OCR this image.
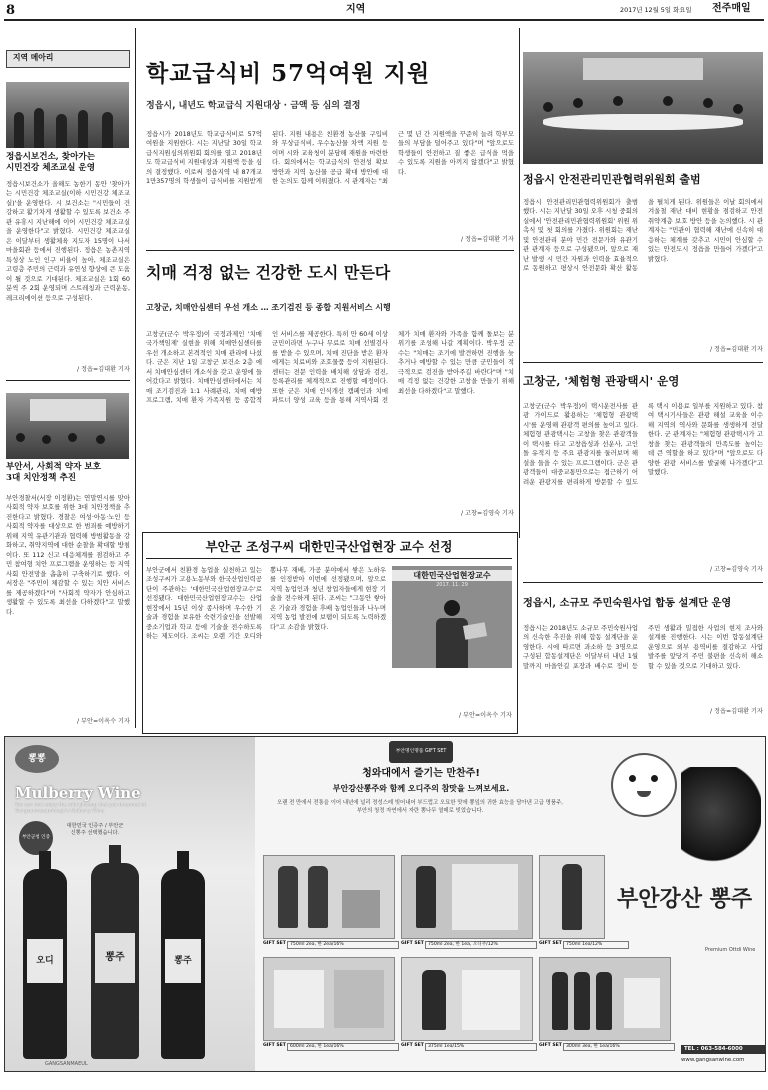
8	지역	2017년 12월 5일 화요일 전주매일
지역 메아리
정읍시보건소, 찾아가는
시민건강 체조교실 운영
정읍시보건소가 올해도 농한기 동안 '찾아가는 시민건강 체조교실(이하 시민건강 체조교실)'을 운영한다. 시 보건소는 "시민들이 건강하고 활기차게 생활할 수 있도록 보건소 주관 유휴시 지난해에 이어 시민건강 체조교실을 운영한다"고 밝혔다. 시민건강 체조교실은 이달부터 생활체육 지도자 15명이 나서 마을회관 등에서 진행된다. 정읍은 농촌지역 특성상 노인 인구 비율이 높아, 체조교실은 고령층 주민의 근력과 유연성 향상에 큰 도움이 될 것으로 기대된다. 체조교실은 1회 60분씩 주 2회 운영되며 스트레칭과 근력운동, 레크리에이션 등으로 구성된다.
/ 정읍=김대환 기자
부안서, 사회적 약자 보호
3대 치안정책 추진
부안경찰서(서장 이정환)는 연말연시를 맞아 사회적 약자 보호를 위한 3대 치안정책을 추진한다고 밝혔다. 경찰은 여성·아동·노인 등 사회적 약자를 대상으로 한 범죄를 예방하기 위해 지역 유관기관과 협력해 방범활동을 강화하고, 취약지역에 대한 순찰을 확대할 방침이다. 또 112 신고 대응체계를 점검하고 주민 참여형 치안 프로그램을 운영하는 등 지역사회 안전망을 촘촘히 구축하기로 했다. 이 서장은 "주민이 체감할 수 있는 치안 서비스를 제공하겠다"며 "사회적 약자가 안심하고 생활할 수 있도록 최선을 다하겠다"고 말했다.
/ 부안=이옥수 기자
학교급식비 57억여원 지원
정읍시, 내년도 학교급식 지원대상 · 금액 등 심의 결정
정읍시가 2018년도 학교급식비로 57억여원을 지원한다. 시는 지난달 30일 학교급식지원심의위원회 회의를 열고 2018년도 학교급식비 지원대상과 지원액 등을 심의 결정했다. 이로써 정읍지역 내 87개교 1만357명의 학생들이 급식비를 지원받게 된다. 지원 내용은 친환경 농산물 구입비와 무상급식비, 우수농산물 차액 지원 등이며 시와 교육청이 분담해 재원을 마련한다. 회의에서는 학교급식의 안전성 확보 방안과 지역 농산물 공급 확대 방안에 대한 논의도 함께 이뤄졌다. 시 관계자는 "최근 몇 년 간 지원액을 꾸준히 늘려 학부모들의 부담을 덜어주고 있다"며 "앞으로도 학생들이 안전하고 질 좋은 급식을 먹을 수 있도록 지원을 아끼지 않겠다"고 밝혔다.
/ 정읍=김대환 기자
치매 걱정 없는 건강한 도시 만든다
고창군, 치매안심센터 우선 개소 … 조기검진 등 종합 지원서비스 시행
고창군(군수 박우정)이 국정과제인 '치매국가책임제' 실현을 위해 치매안심센터를 우선 개소하고 본격적인 치매 관리에 나섰다. 군은 지난 1일 고창군 보건소 2층 에서 치매안심센터 개소식을 갖고 운영에 들어갔다고 밝혔다. 치매안심센터에서는 치매 조기검진과 1:1 사례관리, 치매 예방 프로그램, 치매 환자 가족지원 등 종합적인 서비스를 제공한다. 특히 만 60세 이상 군민이라면 누구나 무료로 치매 선별검사를 받을 수 있으며, 치매 진단을 받은 환자에게는 치료비와 조호물품 등이 지원된다. 센터는 전문 인력을 배치해 상담과 검진, 등록관리를 체계적으로 진행할 예정이다. 또한 군은 치매 인식개선 캠페인과 치매 파트너 양성 교육 등을 통해 지역사회 전체가 치매 환자와 가족을 함께 돌보는 분위기를 조성해 나갈 계획이다. 박우정 군수는 "치매는 조기에 발견하면 진행을 늦추거나 예방할 수 있는 만큼 군민들이 적극적으로 검진을 받아주길 바란다"며 "치매 걱정 없는 건강한 고창을 만들기 위해 최선을 다하겠다"고 말했다.
/ 고창=김영숙 기자
정읍시 안전관리민관협력위원회 출범
정읍시 안전관리민관협력위원회가 출범했다. 시는 지난달 30일 오후 시청 중회의실에서 '안전관리민관협력위원회' 위원 위촉식 및 첫 회의를 가졌다. 위원회는 재난 및 안전관리 분야 민간 전문가와 유관기관 관계자 등으로 구성됐으며, 앞으로 재난 발생 시 민간 자원과 인력을 효율적으로 동원하고 평상시 안전문화 확산 활동을 펼치게 된다. 위원들은 이날 회의에서 겨울철 재난 대비 현황을 점검하고 안전취약계층 보호 방안 등을 논의했다. 시 관계자는 "민관이 협력해 재난에 신속히 대응하는 체계를 갖추고 시민이 안심할 수 있는 안전도시 정읍을 만들어 가겠다"고 밝혔다.
/ 정읍=김대환 기자
고창군, '체험형 관광택시' 운영
고창군(군수 박우정)이 택시운전사를 관광 가이드로 활용하는 '체험형 관광택시'를 운영해 관광객 편의를 높이고 있다. 체험형 관광택시는 고창을 찾은 관광객들이 택시를 타고 고창읍성과 선운사, 고인돌 유적지 등 주요 관광지를 둘러보며 해설을 들을 수 있는 프로그램이다. 군은 관광객들이 대중교통만으로는 접근하기 어려운 관광지를 편리하게 방문할 수 있도록 택시 이용료 일부를 지원하고 있다. 참여 택시기사들은 관광 해설 교육을 이수해 지역의 역사와 문화를 생생하게 전달한다. 군 관계자는 "체험형 관광택시가 고창을 찾는 관광객들의 만족도를 높이는 데 큰 역할을 하고 있다"며 "앞으로도 다양한 관광 서비스를 발굴해 나가겠다"고 말했다.
/ 고창=김영숙 기자
정읍시, 소규모 주민숙원사업 합동 설계단 운영
정읍시는 2018년도 소규모 주민숙원사업의 신속한 추진을 위해 합동 설계단을 운영한다. 시에 따르면 과소하 등 3명으로 구성된 합동설계단은 이달부터 내년 1월 말까지 마을안길 포장과 배수로 정비 등 주민 생활과 밀접한 사업의 현지 조사와 설계를 진행한다. 시는 이번 합동설계단 운영으로 외부 용역비를 절감하고 사업 발주를 앞당겨 주민 불편을 신속히 해소할 수 있을 것으로 기대하고 있다.
/ 정읍=김대환 기자
부안군 조성구씨 대한민국산업현장 교수 선정
부안군에서 친환경 농업을 실천하고 있는 조성구씨가 고용노동부와 한국산업인력공단이 주관하는 '대한민국산업현장교수'로 선정됐다. 대한민국산업현장교수는 산업현장에서 15년 이상 종사하며 우수한 기술과 경험을 보유한 숙련기술인을 선발해 중소기업과 학교 등에 기술을 전수하도록 하는 제도이다. 조씨는 오랜 기간 오디와 뽕나무 재배, 가공 분야에서 쌓은 노하우를 인정받아 이번에 선정됐으며, 앞으로 지역 농업인과 청년 창업자들에게 현장 기술을 전수하게 된다. 조씨는 "그동안 쌓아온 기술과 경험을 후배 농업인들과 나누며 지역 농업 발전에 보탬이 되도록 노력하겠다"고 소감을 밝혔다.
대한민국산업현장교수
2017. 11. 29
/ 부안=이옥수 기자
뽕뽕
Mulberry Wine
You can now enjoy the wild ginseng that you dreamed of. Gangsunmaeumhaeju's Mulberry Wine
대한민국 인증주 / 부안군 신뽕주 선택했습니다.
부안군청 인증
오디	뽕주	뽕주
GANGSANMAEUL
부안명인명품 GIFT SET
청와대에서 즐기는 만찬주!
부안강산뽕주와 함께 오디주의 참맛을 느껴보세요.
오랜 전 만에서 전통을 이어 내년에 널리 정성스레 빚어내어 부드럽고 오묘한 맛에 뽕잎의 귀한 효능을 담아낸 고급 명품주, 부안의 청정 자연에서 자란 뽕나무 열매로 빚었습니다.
GIFT SET 750ml 2ea, 한 2ea/16%	GIFT SET 750ml 2ea, 한 1ea, 오디주/12%	GIFT SET 750ml 1ea/12%
GIFT SET 600ml 2ea, 한 1ea/16%	GIFT SET 375ml 1ea/15%	GIFT SET 300ml 3ea, 한 1ea/16%
부안강산 뽕주
Premium Ottdi Wine
TEL : 063-584-6000
www.gangsanwine.com
